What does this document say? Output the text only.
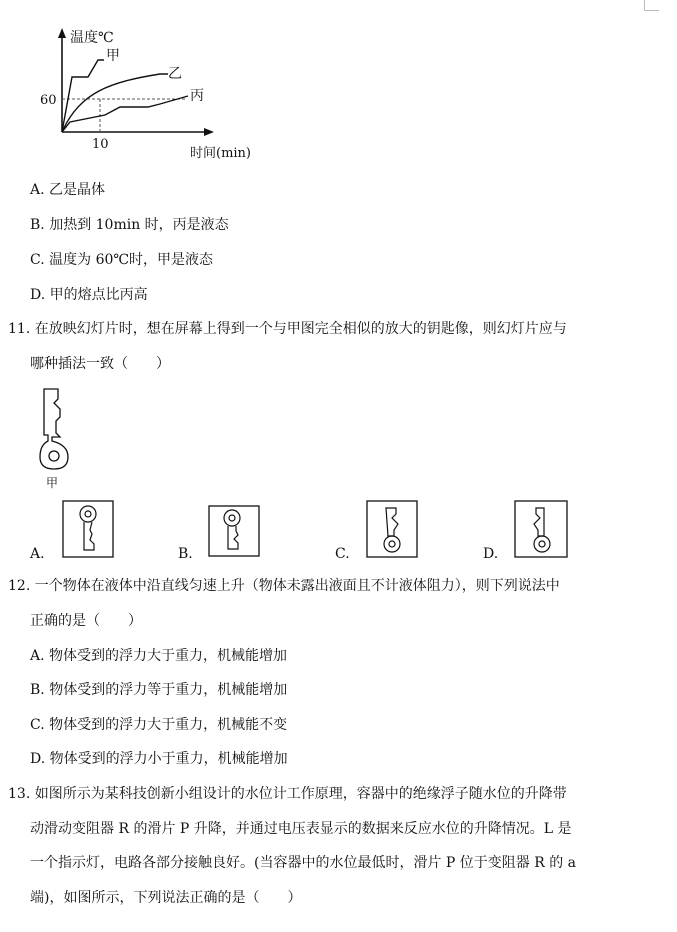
温度℃
时间(min)
60
10
甲
乙
丙
A. 乙是晶体
B. 加热到 10min 时，丙是液态
C. 温度为 60℃时，甲是液态
D. 甲的熔点比丙高
11. 在放映幻灯片时，想在屏幕上得到一个与甲图完全相似的放大的钥匙像，则幻灯片应与
哪种插法一致（　　）
甲
A.	B.	C.	D.
12. 一个物体在液体中沿直线匀速上升（物体未露出液面且不计液体阻力），则下列说法中
正确的是（　　）
A. 物体受到的浮力大于重力，机械能增加
B. 物体受到的浮力等于重力，机械能增加
C. 物体受到的浮力大于重力，机械能不变
D. 物体受到的浮力小于重力，机械能增加
13. 如图所示为某科技创新小组设计的水位计工作原理，容器中的绝缘浮子随水位的升降带
动滑动变阻器 R 的滑片 P 升降，并通过电压表显示的数据来反应水位的升降情况。L 是
一个指示灯，电路各部分接触良好。(当容器中的水位最低时，滑片 P 位于变阻器 R 的 a
端)，如图所示，下列说法正确的是（　　）
